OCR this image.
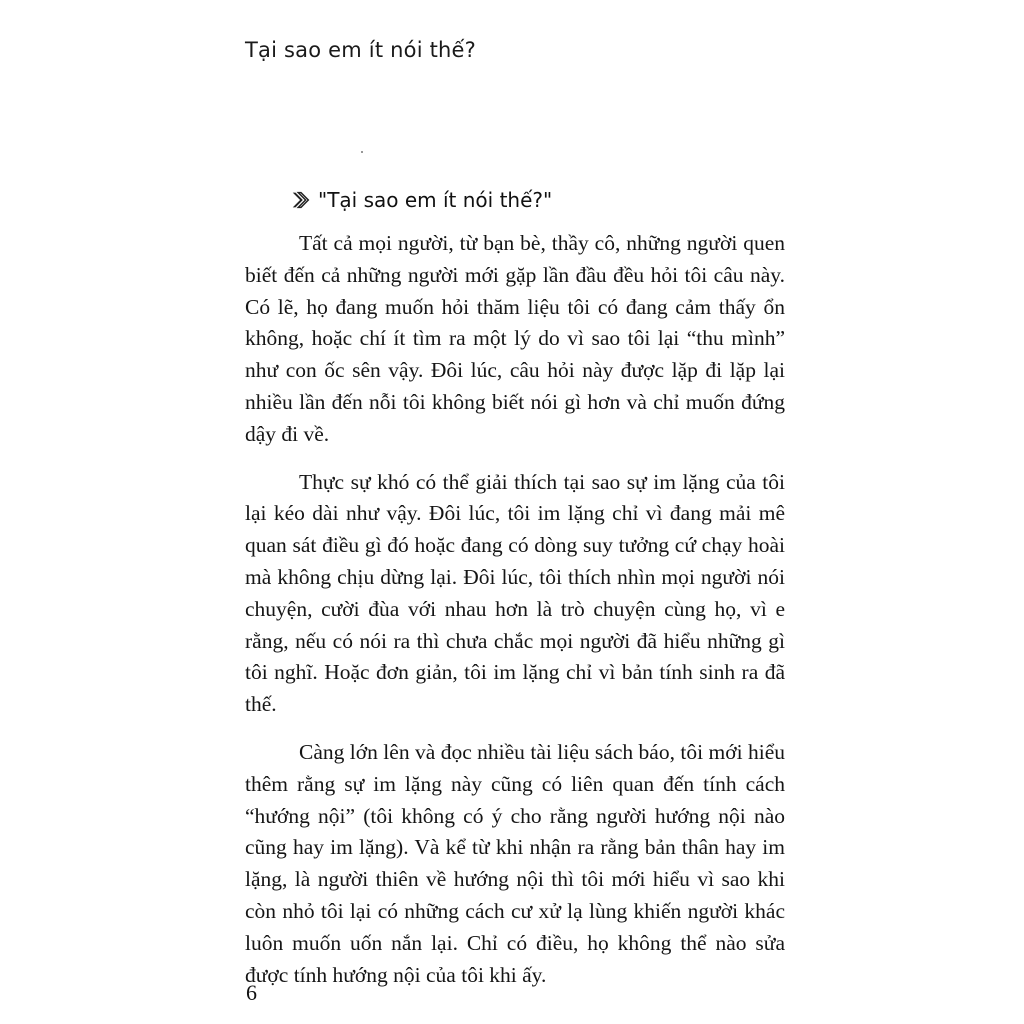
Tại sao em ít nói thế?
"Tại sao em ít nói thế?"

Tất cả mọi người, từ bạn bè, thầy cô, những người quen biết đến cả những người mới gặp lần đầu đều hỏi tôi câu này. Có lẽ, họ đang muốn hỏi thăm liệu tôi có đang cảm thấy ổn không, hoặc chí ít tìm ra một lý do vì sao tôi lại “thu mình” như con ốc sên vậy. Đôi lúc, câu hỏi này được lặp đi lặp lại nhiều lần đến nỗi tôi không biết nói gì hơn và chỉ muốn đứng dậy đi về.

Thực sự khó có thể giải thích tại sao sự im lặng của tôi lại kéo dài như vậy. Đôi lúc, tôi im lặng chỉ vì đang mải mê quan sát điều gì đó hoặc đang có dòng suy tưởng cứ chạy hoài mà không chịu dừng lại. Đôi lúc, tôi thích nhìn mọi người nói chuyện, cười đùa với nhau hơn là trò chuyện cùng họ, vì e rằng, nếu có nói ra thì chưa chắc mọi người đã hiểu những gì tôi nghĩ. Hoặc đơn giản, tôi im lặng chỉ vì bản tính sinh ra đã thế.

Càng lớn lên và đọc nhiều tài liệu sách báo, tôi mới hiểu thêm rằng sự im lặng này cũng có liên quan đến tính cách “hướng nội” (tôi không có ý cho rằng người hướng nội nào cũng hay im lặng). Và kể từ khi nhận ra rằng bản thân hay im lặng, là người thiên về hướng nội thì tôi mới hiểu vì sao khi còn nhỏ tôi lại có những cách cư xử lạ lùng khiến người khác luôn muốn uốn nắn lại. Chỉ có điều, họ không thể nào sửa được tính hướng nội của tôi khi ấy.

6
